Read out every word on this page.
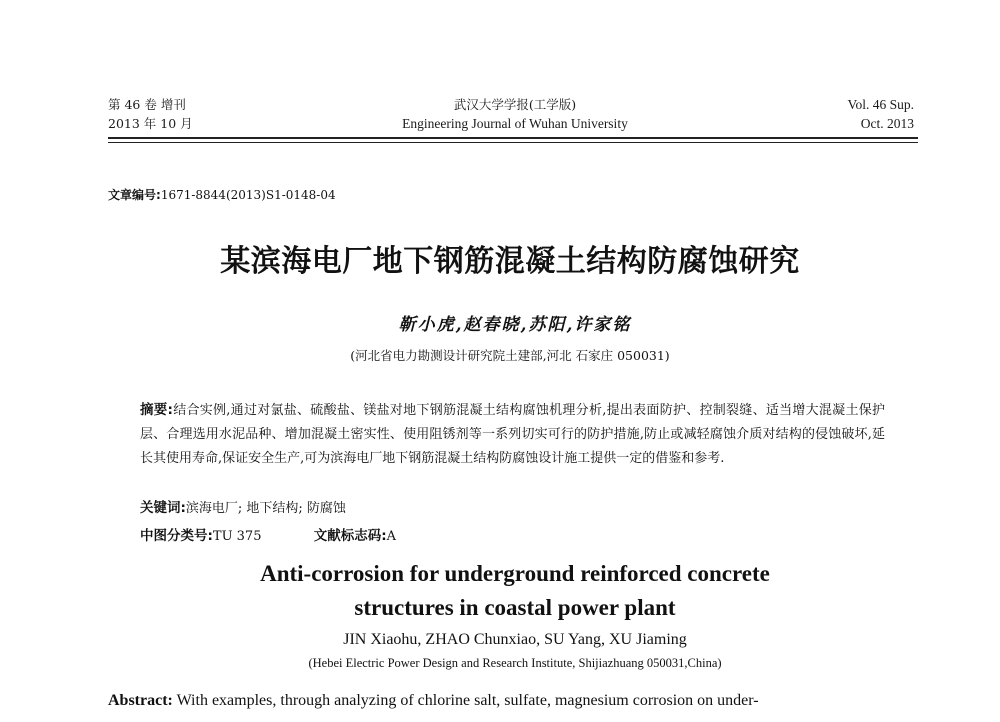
第 46 卷 增刊
2013 年 10 月
武汉大学学报(工学版)
Engineering Journal of Wuhan University
Vol. 46 Sup.
Oct. 2013
文章编号:1671-8844(2013)S1-0148-04
某滨海电厂地下钢筋混凝土结构防腐蚀研究
靳小虎,赵春晓,苏阳,许家铭
(河北省电力勘测设计研究院土建部,河北 石家庄 050031)
摘要:结合实例,通过对氯盐、硫酸盐、镁盐对地下钢筋混凝土结构腐蚀机理分析,提出表面防护、控制裂缝、适当增大混凝土保护层、合理选用水泥品种、增加混凝土密实性、使用阻锈剂等一系列切实可行的防护措施,防止或减轻腐蚀介质对结构的侵蚀破坏,延长其使用寿命,保证安全生产,可为滨海电厂地下钢筋混凝土结构防腐蚀设计施工提供一定的借鉴和参考.
关键词:滨海电厂; 地下结构; 防腐蚀
中图分类号:TU 375	文献标志码:A
Anti-corrosion for underground reinforced concrete
structures in coastal power plant
JIN Xiaohu, ZHAO Chunxiao, SU Yang, XU Jiaming
(Hebei Electric Power Design and Research Institute, Shijiazhuang 050031,China)
Abstract: With examples, through analyzing of chlorine salt, sulfate, magnesium corrosion on under-
